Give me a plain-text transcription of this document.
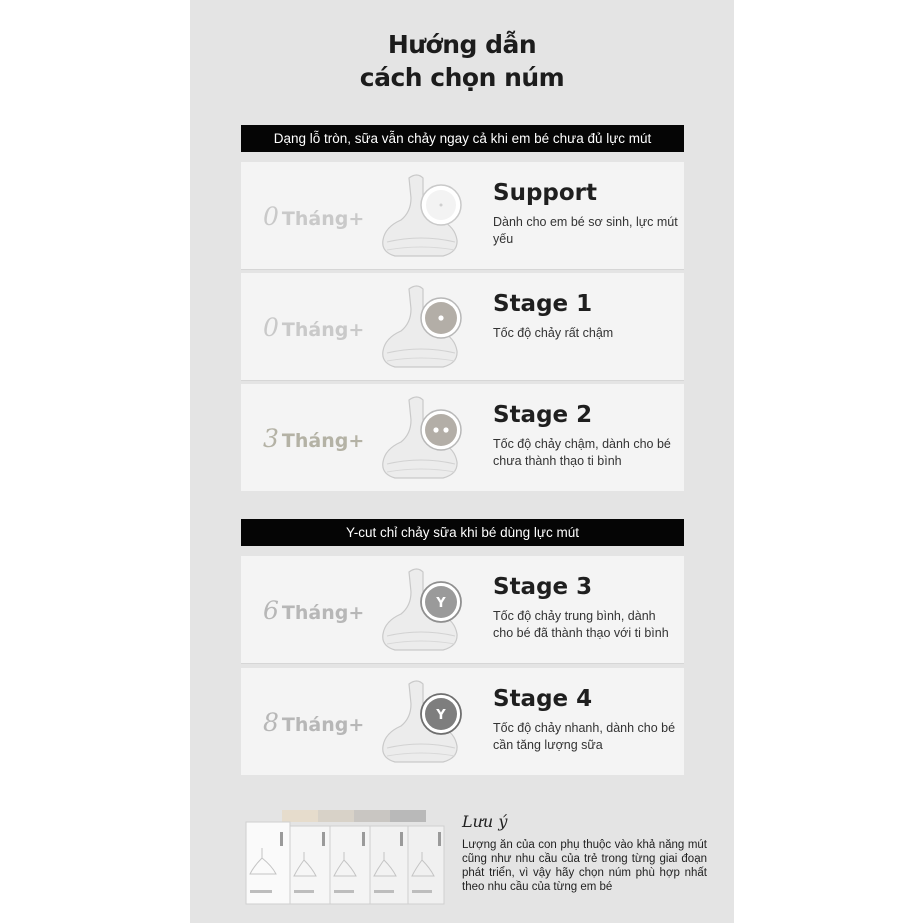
Hướng dẫn
cách chọn núm
Dạng lỗ tròn, sữa vẫn chảy ngay cả khi em bé chưa đủ lực mút
0 Tháng+
Support
Dành cho em bé sơ sinh, lực mút yếu
0 Tháng+
Stage 1
Tốc độ chảy rất chậm
3 Tháng+
Stage 2
Tốc độ chảy chậm, dành cho bé chưa thành thạo ti bình
Y-cut chỉ chảy sữa khi bé dùng lực mút
6 Tháng+	Y
Stage 3
Tốc độ chảy trung bình, dành cho bé đã thành thạo với ti bình
8 Tháng+	Y
Stage 4
Tốc độ chảy nhanh, dành cho bé cần tăng lượng sữa
Lưu ý
Lượng ăn của con phụ thuộc vào khả năng mút cũng như nhu cầu của trẻ trong từng giai đoạn phát triển, vì vậy hãy chọn núm phù hợp nhất theo nhu cầu của từng em bé
